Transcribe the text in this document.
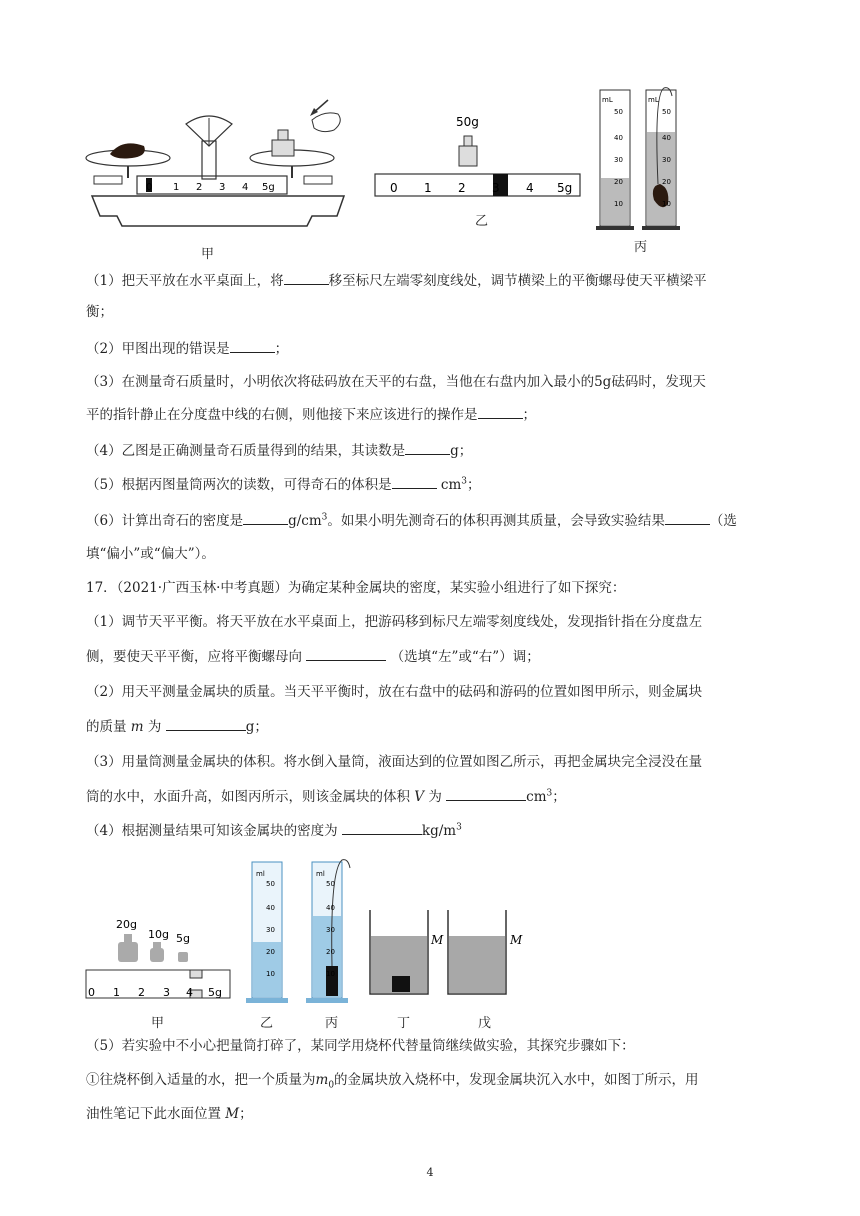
0 1 2 3 4 5g
甲
50g
0 1 2 3 4 5g
乙
mL	mL
50
40
30
20
10
50
40
30
20
10
丙

（1）把天平放在水平桌面上，将	移至标尺左端零刻度线处，调节横梁上的平衡螺母使天平横梁平

衡；

（2）甲图出现的错误是	；

（3）在测量奇石质量时，小明依次将砝码放在天平的右盘，当他在右盘内加入最小的5g砝码时，发现天

平的指针静止在分度盘中线的右侧，则他接下来应该进行的操作是	；

（4）乙图是正确测量奇石质量得到的结果，其读数是	g；

（5）根据丙图量筒两次的读数，可得奇石的体积是	$cm^3$；

（6）计算出奇石的密度是	$g/cm^3$。如果小明先测奇石的体积再测其质量，会导致实验结果	（选

填“偏小”或“偏大”）。

17．（2021·广西玉林·中考真题）为确定某种金属块的密度，某实验小组进行了如下探究：

（1）调节天平平衡。将天平放在水平桌面上，把游码移到标尺左端零刻度线处，发现指针指在分度盘左

侧，要使天平平衡，应将平衡螺母向	（选填“左”或“右”）调；

（2）用天平测量金属块的质量。当天平平衡时，放在右盘中的砝码和游码的位置如图甲所示，则金属块

的质量 m 为	g；

（3）用量筒测量金属块的体积。将水倒入量筒，液面达到的位置如图乙所示，再把金属块完全浸没在量

筒的水中，水面升高，如图丙所示，则该金属块的体积 V 为	$cm^3$；

（4）根据测量结果可知该金属块的密度为	$kg/m^3$

20g
10g 5g
0 1 2 3 4 5g
ml	ml
50
40
30
20
10
50
40
30
20
10
M	M
甲	乙	丙	丁	戊

（5）若实验中不小心把量筒打碎了，某同学用烧杯代替量筒继续做实验，其探究步骤如下：

①往烧杯倒入适量的水，把一个质量为$m_0$的金属块放入烧杯中，发现金属块沉入水中，如图丁所示，用

油性笔记下此水面位置 M；

4
